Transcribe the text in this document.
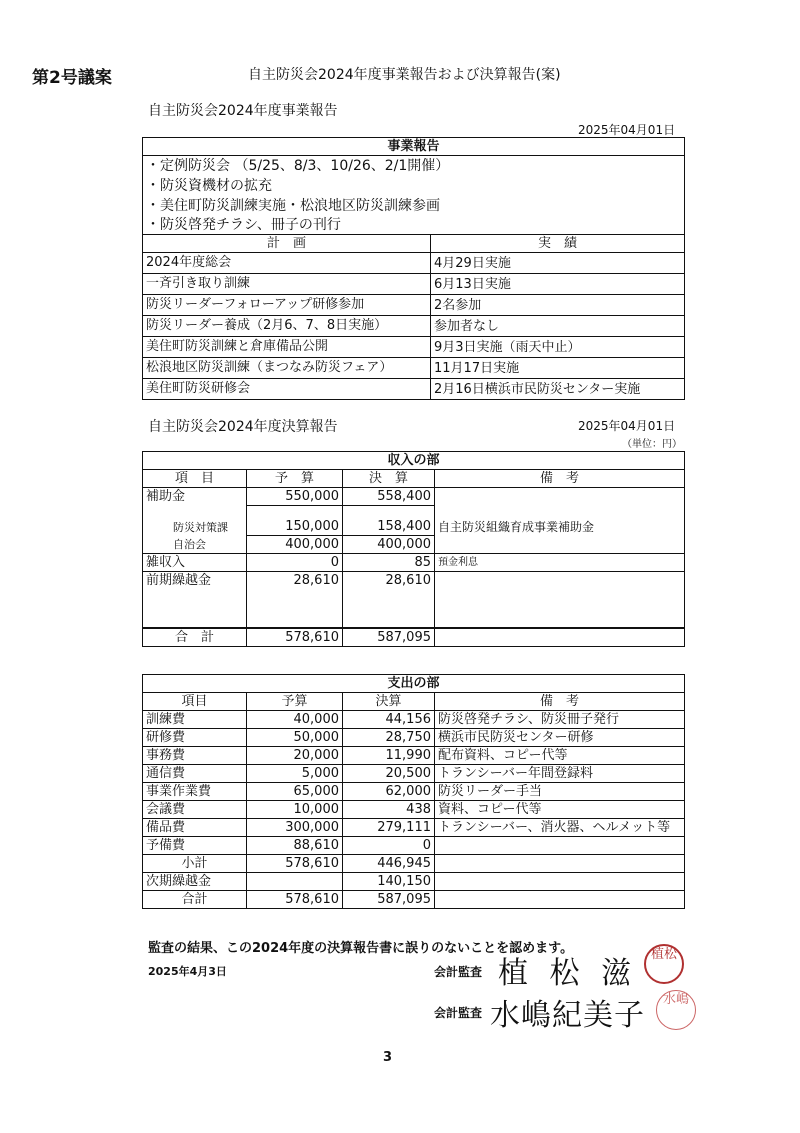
第2号議案	自主防災会2024年度事業報告および決算報告(案)
自主防災会2024年度事業報告
2025年04月01日
事業報告	
・定例防災会 （5/25、8/3、10/26、2/1開催）	
・防災資機材の拡充	
・美住町防災訓練実施・松浪地区防災訓練参画	
・防災啓発チラシ、冊子の刊行	
計　画	実　績
2024年度総会	4月29日実施
一斉引き取り訓練	6月13日実施
防災リーダーフォローアップ研修参加	2名参加
防災リーダー養成（2月6、7、8日実施）	参加者なし
美住町防災訓練と倉庫備品公開	9月3日実施（雨天中止）
松浪地区防災訓練（まつなみ防災フェア）	11月17日実施
美住町防災研修会	2月16日横浜市民防災センター実施
自主防災会2024年度決算報告	2025年04月01日
（単位：円）
収入の部			
項　目	予　算	決　算	備　考
補助金	550,000	558,400	
防災対策課	150,000	158,400	自主防災組織育成事業補助金
自治会	400,000	400,000	
雑収入	0	85	預金利息
前期繰越金	28,610	28,610	
合　計	578,610	587,095	
支出の部			
項目	予算	決算	備　考
訓練費	40,000	44,156	防災啓発チラシ、防災冊子発行
研修費	50,000	28,750	横浜市民防災センター研修
事務費	20,000	11,990	配布資料、コピー代等
通信費	5,000	20,500	トランシーバー年間登録料
事業作業費	65,000	62,000	防災リーダー手当
会議費	10,000	438	資料、コピー代等
備品費	300,000	279,111	トランシーバー、消火器、ヘルメット等
予備費	88,610	0	
小計	578,610	446,945	
次期繰越金		140,150	
合計	578,610	587,095	
監査の結果、この2024年度の決算報告書に誤りのないことを認めます。
2025年4月3日	会計監査 植 松 滋
植松
会計監査 水嶋紀美子	水嶋
3
